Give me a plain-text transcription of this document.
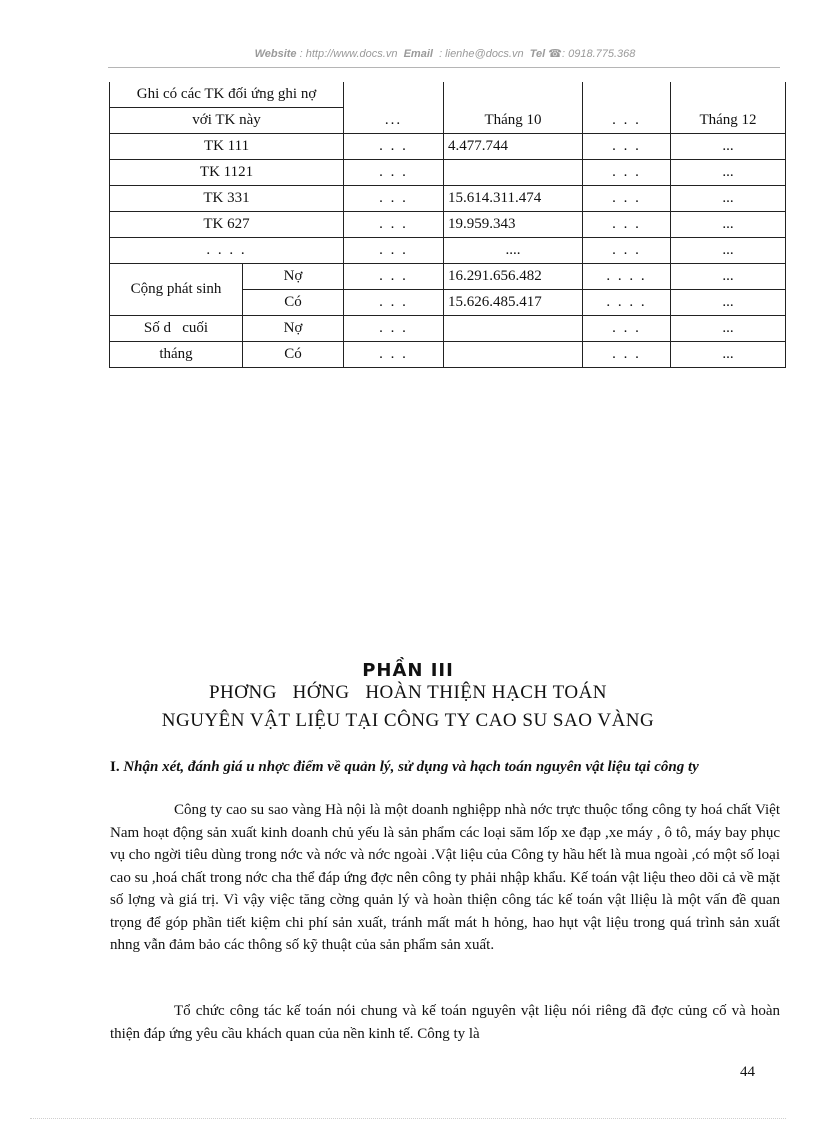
Website : http://www.docs.vn Email : lienhe@docs.vn Tel ☎: 0918.775.368
Ghi có các TK đối ứng ghi nợ		...	Tháng 10	. . .	Tháng 12
với TK này					
TK 111		. . .	4.477.744	. . .	...
TK 1121		. . .		. . .	...
TK 331		. . .	15.614.311.474	. . .	...
TK 627		. . .	19.959.343	. . .	...
. . . .		. . .	....	. . .	...
Cộng phát sinh	Nợ	. . .	16.291.656.482	. . . .	...
	Có	. . .	15.626.485.417	. . . .	...
Số d   cuối	Nợ	. . .		. . .	...
tháng	Có	. . .		. . .	...
PHẦN III
PHƠNG   HỚNG   HOÀN THIỆN HẠCH TOÁN
NGUYÊN VẬT LIỆU TẠI CÔNG TY CAO SU SAO VÀNG
I. Nhận xét, đánh giá u nhợc điểm về quản lý, sử dụng và hạch toán nguyên vật liệu tại công ty

Công ty cao su sao vàng Hà nội là một doanh nghiệpp nhà nớc trực thuộc tổng công ty hoá chất Việt Nam hoạt động sản xuất kinh doanh chủ yếu là sản phẩm các loại săm lốp xe đạp ,xe máy , ô tô, máy bay phục vụ cho ngời tiêu dùng trong nớc và nớc và nớc ngoài .Vật liệu của Công ty hầu hết là mua ngoài ,có một số loại cao su ,hoá chất trong nớc cha thể đáp ứng đợc nên công ty phải nhập khẩu. Kế toán vật liệu theo dõi cả về mặt số lợng và giá trị. Vì vậy việc tăng cờng quản lý và hoàn thiện công tác kế toán vật lliệu là một vấn đề quan trọng để góp phần tiết kiệm chi phí sản xuất, tránh mất mát h hỏng, hao hụt vật liệu trong quá trình sản xuất nhng vẫn đảm bảo các thông số kỹ thuật của sản phẩm sản xuất.

Tổ chức công tác kế toán nói chung và kế toán nguyên vật liệu nói riêng đã đợc củng cố và hoàn thiện đáp ứng yêu cầu khách quan của nền kinh tế. Công ty là

44
